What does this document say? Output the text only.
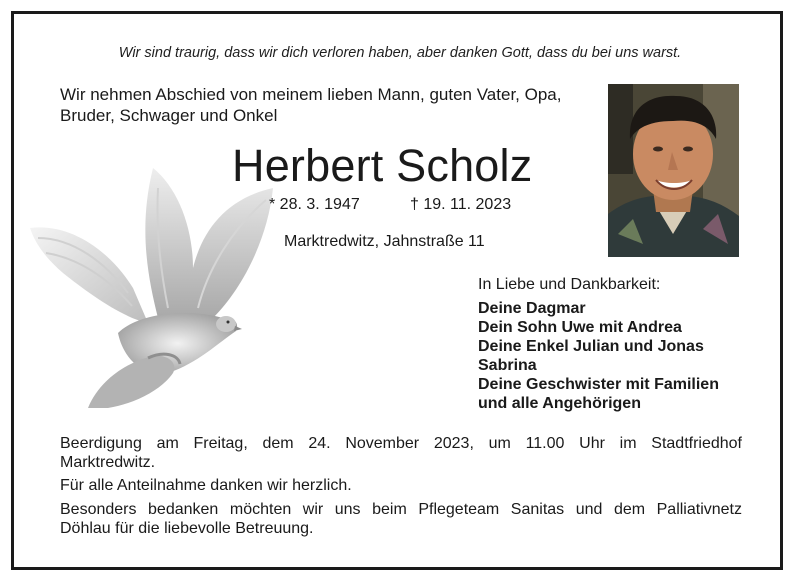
Wir sind traurig, dass wir dich verloren haben, aber danken Gott, dass du bei uns warst.
Wir nehmen Abschied von meinem lieben Mann, guten Vater, Opa,
Bruder, Schwager und Onkel
Herbert Scholz
* 28. 3. 1947	† 19. 11. 2023
Marktredwitz, Jahnstraße 11
In Liebe und Dankbarkeit:
Deine Dagmar
Dein Sohn Uwe mit Andrea
Deine Enkel Julian und Jonas
Sabrina
Deine Geschwister mit Familien
und alle Angehörigen
Beerdigung am Freitag, dem 24. November 2023, um 11.00 Uhr im Stadtfriedhof
Marktredwitz.
Für alle Anteilnahme danken wir herzlich.
Besonders bedanken möchten wir uns beim Pflegeteam Sanitas und dem Palliativnetz
Döhlau für die liebevolle Betreuung.
